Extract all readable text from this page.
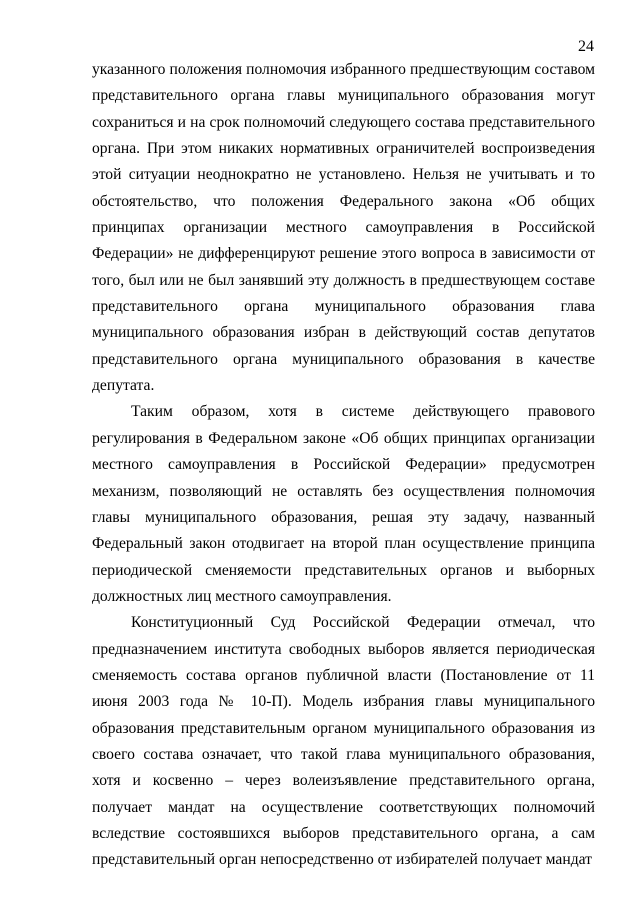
24
указанного положения полномочия избранного предшествующим составом
представительного органа главы муниципального образования могут
сохраниться и на срок полномочий следующего состава представительного
органа. При этом никаких нормативных ограничителей воспроизведения
этой ситуации неоднократно не установлено. Нельзя не учитывать и то
обстоятельство, что положения Федерального закона «Об общих
принципах организации местного самоуправления в Российской
Федерации» не дифференцируют решение этого вопроса в зависимости от
того, был или не был занявший эту должность в предшествующем составе
представительного органа муниципального образования глава
муниципального образования избран в действующий состав депутатов
представительного органа муниципального образования в качестве
депутата.
Таким образом, хотя в системе действующего правового
регулирования в Федеральном законе «Об общих принципах организации
местного самоуправления в Российской Федерации» предусмотрен
механизм, позволяющий не оставлять без осуществления полномочия
главы муниципального образования, решая эту задачу, названный
Федеральный закон отодвигает на второй план осуществление принципа
периодической сменяемости представительных органов и выборных
должностных лиц местного самоуправления.
Конституционный Суд Российской Федерации отмечал, что
предназначением института свободных выборов является периодическая
сменяемость состава органов публичной власти (Постановление от 11
июня 2003 года № 10-П). Модель избрания главы муниципального
образования представительным органом муниципального образования из
своего состава означает, что такой глава муниципального образования,
хотя и косвенно – через волеизъявление представительного органа,
получает мандат на осуществление соответствующих полномочий
вследствие состоявшихся выборов представительного органа, а сам
представительный орган непосредственно от избирателей получает мандат
